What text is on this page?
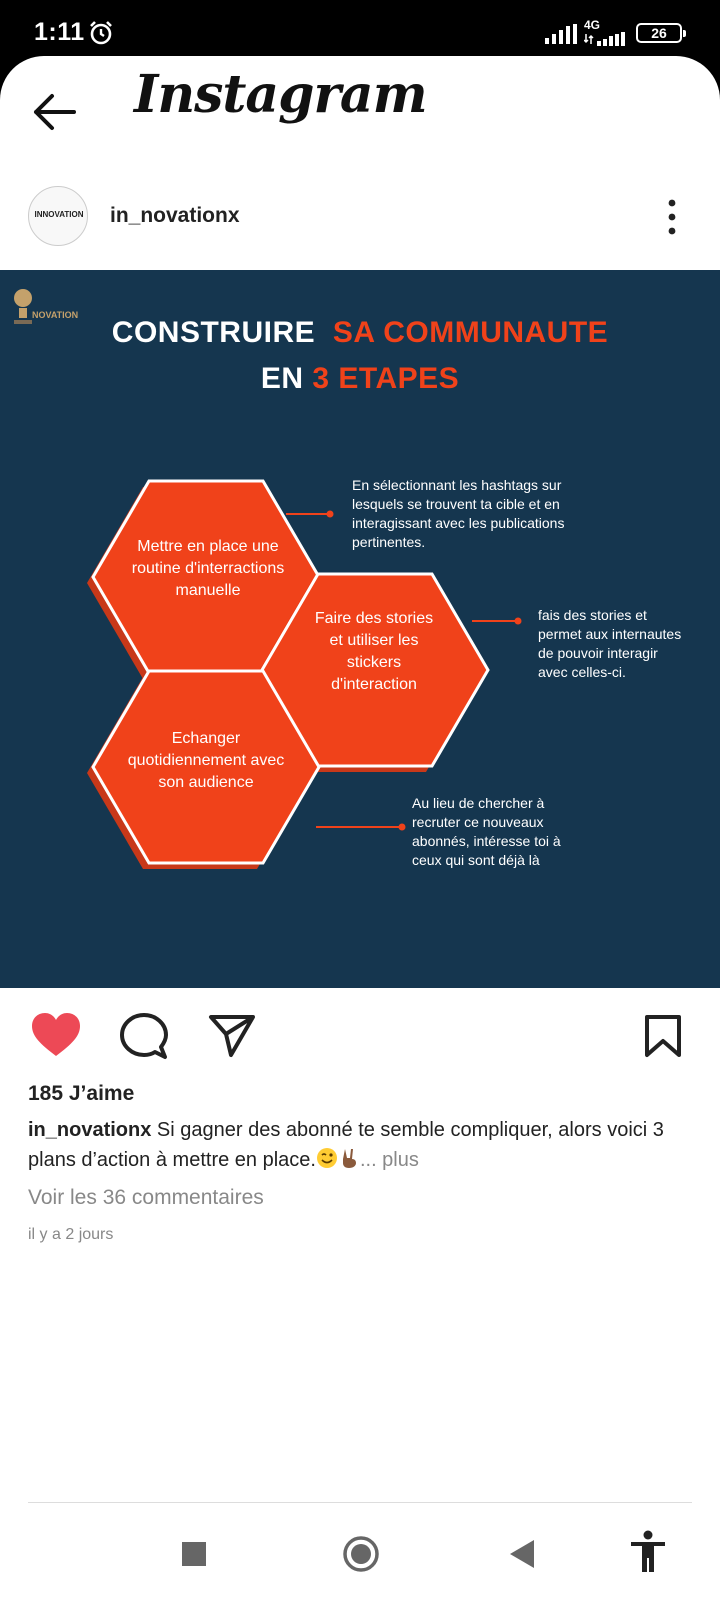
1:11	4G	26
Instagram
INNOVATION in_novationx
NOVATION
CONSTRUIRE SA COMMUNAUTE
EN 3 ETAPES
Mettre en place une routine d'interractions manuelle
Faire des stories et utiliser les stickers d'interaction
Echanger quotidiennement avec son audience
En sélectionnant les hashtags sur lesquels se trouvent ta cible et en interagissant avec les publications pertinentes.
fais des stories et permet aux internautes de pouvoir interagir avec celles-ci.
Au lieu de chercher à recruter ce nouveaux abonnés, intéresse toi à ceux qui sont déjà là
185 J’aime
in_novationx Si gagner des abonné te semble compliquer, alors voici 3 plans d’action à mettre en place. ... plus
Voir les 36 commentaires
il y a 2 jours
